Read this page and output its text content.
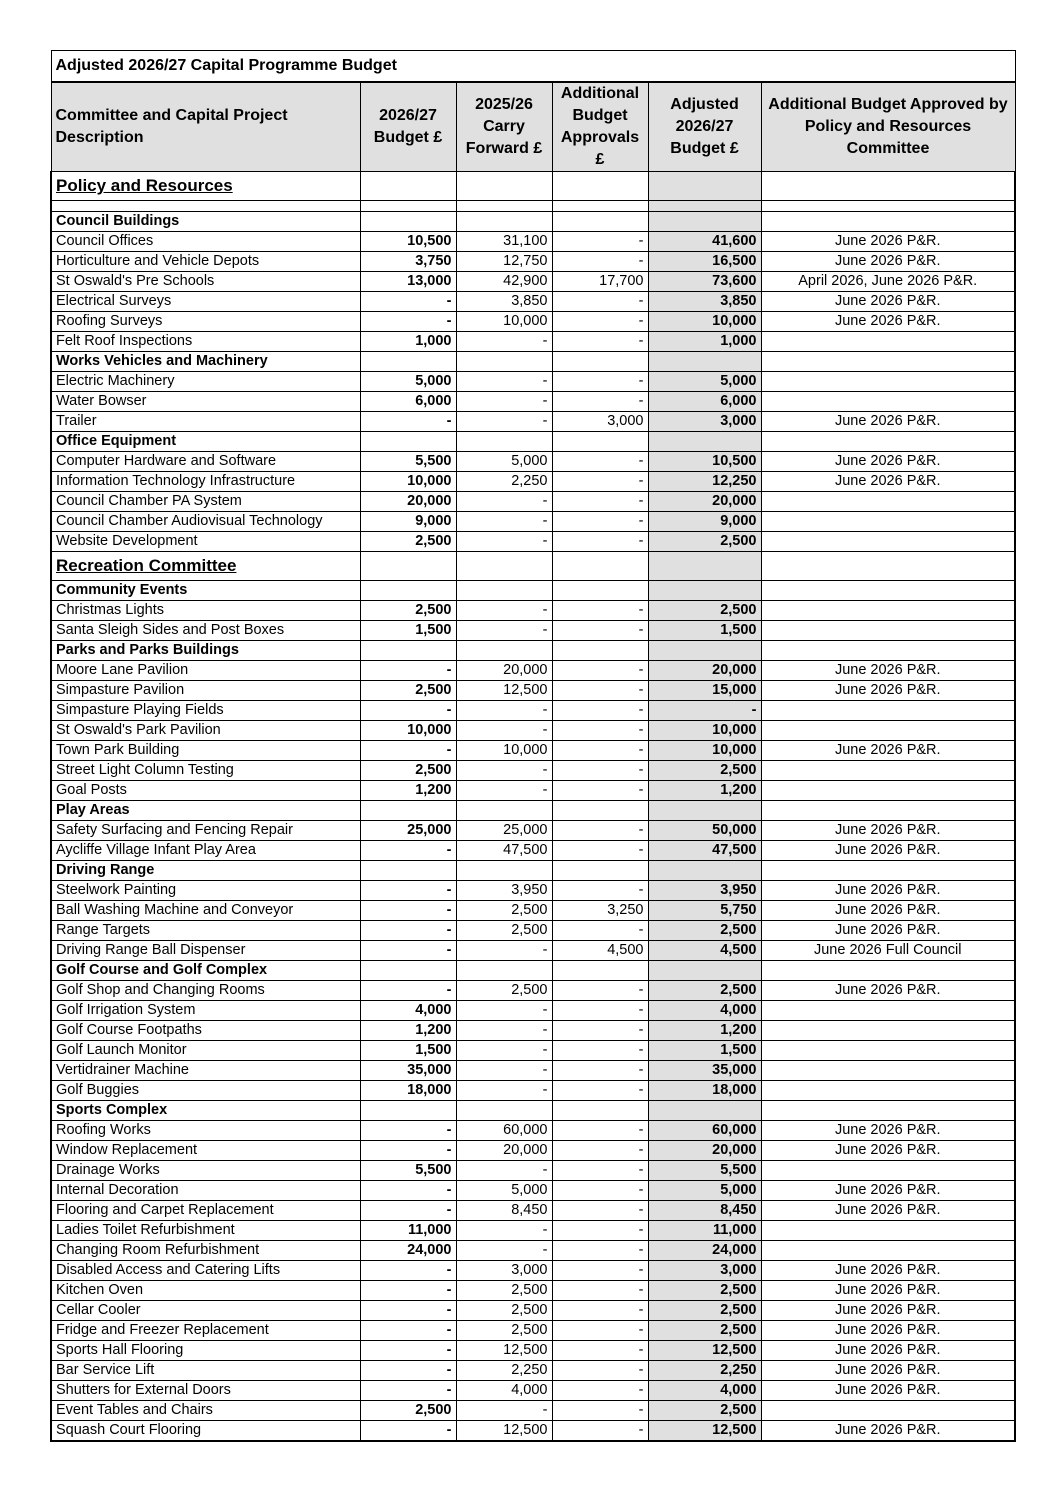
Adjusted 2026/27 Capital Programme Budget					
Committee and Capital Project Description	2026/27 Budget £	2025/26 Carry Forward £	Additional Budget Approvals £	Adjusted 2026/27 Budget £	Additional Budget Approved by Policy and Resources Committee
Policy and Resources					

Council Buildings					
Council Offices	10,500	31,100	-	41,600	June 2026 P&R.
Horticulture and Vehicle Depots	3,750	12,750	-	16,500	June 2026 P&R.
St Oswald's Pre Schools	13,000	42,900	17,700	73,600	April 2026, June 2026 P&R.
Electrical Surveys	-	3,850	-	3,850	June 2026 P&R.
Roofing Surveys	-	10,000	-	10,000	June 2026 P&R.
Felt Roof Inspections	1,000	-	-	1,000	
Works Vehicles and Machinery					
Electric Machinery	5,000	-	-	5,000	
Water Bowser	6,000	-	-	6,000	
Trailer	-	-	3,000	3,000	June 2026 P&R.
Office Equipment					
Computer Hardware and Software	5,500	5,000	-	10,500	June 2026 P&R.
Information Technology Infrastructure	10,000	2,250	-	12,250	June 2026 P&R.
Council Chamber PA System	20,000	-	-	20,000	
Council Chamber Audiovisual Technology	9,000	-	-	9,000	
Website Development	2,500	-	-	2,500	
Recreation Committee					
Community Events					
Christmas Lights	2,500	-	-	2,500	
Santa Sleigh Sides and Post Boxes	1,500	-	-	1,500	
Parks and Parks Buildings					
Moore Lane Pavilion	-	20,000	-	20,000	June 2026 P&R.
Simpasture Pavilion	2,500	12,500	-	15,000	June 2026 P&R.
Simpasture Playing Fields	-	-	-	-	
St Oswald's Park Pavilion	10,000	-	-	10,000	
Town Park Building	-	10,000	-	10,000	June 2026 P&R.
Street Light Column Testing	2,500	-	-	2,500	
Goal Posts	1,200	-	-	1,200	
Play Areas					
Safety Surfacing and Fencing Repair	25,000	25,000	-	50,000	June 2026 P&R.
Aycliffe Village Infant Play Area	-	47,500	-	47,500	June 2026 P&R.
Driving Range					
Steelwork Painting	-	3,950	-	3,950	June 2026 P&R.
Ball Washing Machine and Conveyor	-	2,500	3,250	5,750	June 2026 P&R.
Range Targets	-	2,500	-	2,500	June 2026 P&R.
Driving Range Ball Dispenser	-	-	4,500	4,500	June 2026 Full Council
Golf Course and Golf Complex					
Golf Shop and Changing Rooms	-	2,500	-	2,500	June 2026 P&R.
Golf Irrigation System	4,000	-	-	4,000	
Golf Course Footpaths	1,200	-	-	1,200	
Golf Launch Monitor	1,500	-	-	1,500	
Vertidrainer Machine	35,000	-	-	35,000	
Golf Buggies	18,000	-	-	18,000	
Sports Complex					
Roofing Works	-	60,000	-	60,000	June 2026 P&R.
Window Replacement	-	20,000	-	20,000	June 2026 P&R.
Drainage Works	5,500	-	-	5,500	
Internal Decoration	-	5,000	-	5,000	June 2026 P&R.
Flooring and Carpet Replacement	-	8,450	-	8,450	June 2026 P&R.
Ladies Toilet Refurbishment	11,000	-	-	11,000	
Changing Room Refurbishment	24,000	-	-	24,000	
Disabled Access and Catering Lifts	-	3,000	-	3,000	June 2026 P&R.
Kitchen Oven	-	2,500	-	2,500	June 2026 P&R.
Cellar Cooler	-	2,500	-	2,500	June 2026 P&R.
Fridge and Freezer Replacement	-	2,500	-	2,500	June 2026 P&R.
Sports Hall Flooring	-	12,500	-	12,500	June 2026 P&R.
Bar Service Lift	-	2,250	-	2,250	June 2026 P&R.
Shutters for External Doors	-	4,000	-	4,000	June 2026 P&R.
Event Tables and Chairs	2,500	-	-	2,500	
Squash Court Flooring	-	12,500	-	12,500	June 2026 P&R.
